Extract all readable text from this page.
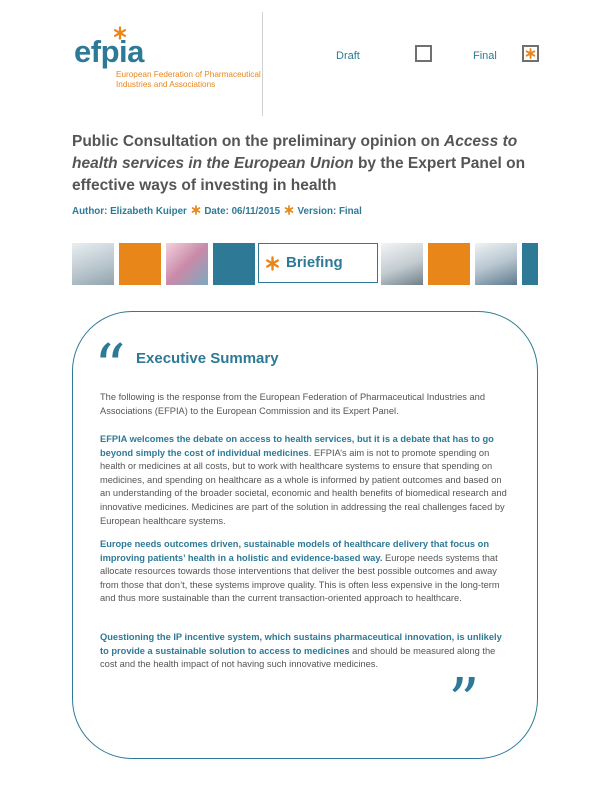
efpia
European Federation of Pharmaceutical
Industries and Associations
Draft	Final
Public Consultation on the preliminary opinion on Access to health services in the European Union by the Expert Panel on effective ways of investing in health
Author: Elizabeth Kuiper Date: 06/11/2015 Version: Final
Briefing
“ Executive Summary
The following is the response from the European Federation of Pharmaceutical Industries and Associations (EFPIA) to the European Commission and its Expert Panel.
EFPIA welcomes the debate on access to health services, but it is a debate that has to go beyond simply the cost of individual medicines. EFPIA’s aim is not to promote spending on health or medicines at all costs, but to work with healthcare systems to ensure that spending on medicines, and spending on healthcare as a whole is informed by patient outcomes and based on an understanding of the broader societal, economic and health benefits of biomedical research and innovative medicines. Medicines are part of the solution in addressing the real challenges faced by European healthcare systems.
Europe needs outcomes driven, sustainable models of healthcare delivery that focus on improving patients’ health in a holistic and evidence-based way. Europe needs systems that allocate resources towards those interventions that deliver the best possible outcomes and away from those that don’t, these systems improve quality. This is often less expensive in the long-term and thus more sustainable than the current transaction-oriented approach to healthcare.
Questioning the IP incentive system, which sustains pharmaceutical innovation, is unlikely to provide a sustainable solution to access to medicines and should be measured along the cost and the health impact of not having such innovative medicines.	”
